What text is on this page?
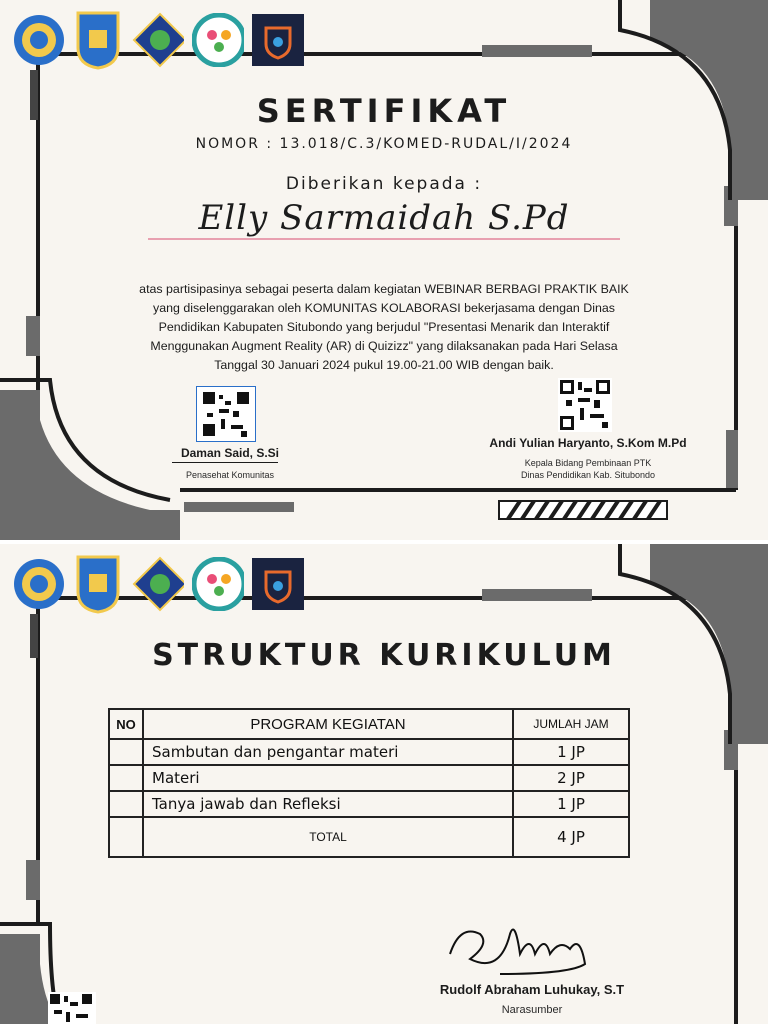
SERTIFIKAT
NOMOR : 13.018/C.3/KOMED-RUDAL/I/2024
Diberikan kepada :
Elly Sarmaidah S.Pd
atas partisipasinya sebagai peserta dalam kegiatan WEBINAR BERBAGI PRAKTIK BAIK
yang diselenggarakan oleh KOMUNITAS KOLABORASI bekerjasama dengan Dinas
Pendidikan Kabupaten Situbondo yang berjudul "Presentasi Menarik dan Interaktif
Menggunakan Augment Reality (AR) di Quizizz" yang dilaksanakan pada Hari Selasa
Tanggal 30 Januari 2024 pukul 19.00-21.00 WIB dengan baik.
Daman Said, S.Si
Penasehat Komunitas
Andi Yulian Haryanto, S.Kom M.Pd
Kepala Bidang Pembinaan PTK
Dinas Pendidikan Kab. Situbondo
STRUKTUR KURIKULUM
NO	PROGRAM KEGIATAN	JUMLAH JAM
	Sambutan dan pengantar materi	1 JP
	Materi	2 JP
	Tanya jawab dan Refleksi	1 JP
	TOTAL	4 JP
Rudolf Abraham Luhukay, S.T
Narasumber
